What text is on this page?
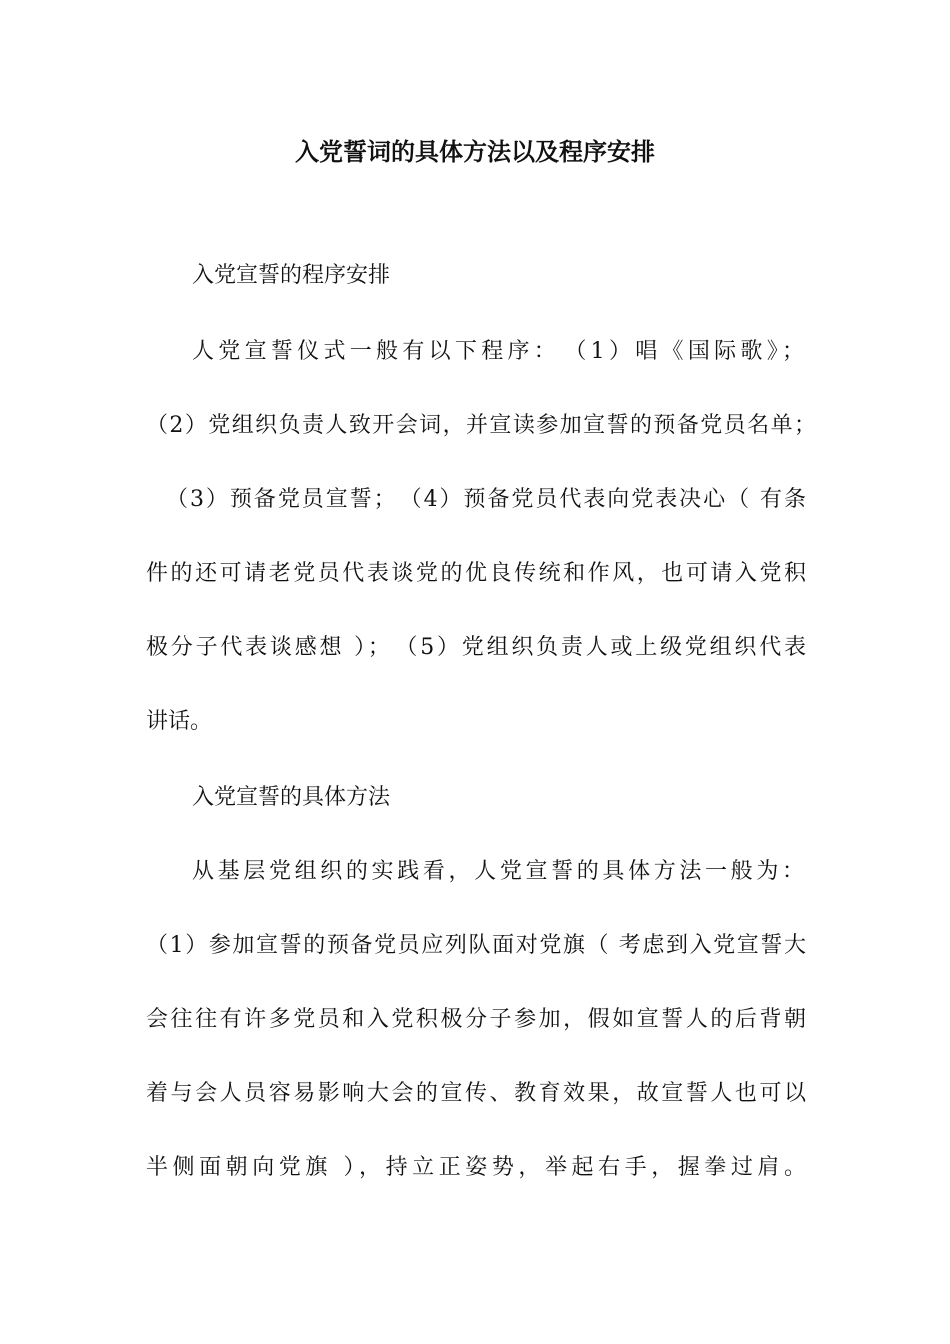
入党誓词的具体方法以及程序安排

入党宣誓的程序安排

人党宣誓仪式一般有以下程序：　（1）唱《国际歌》；

（2）党组织负责人致开会词，并宣读参加宣誓的预备党员名单；

（3）预备党员宣誓；　（4）预备党员代表向党表决心（ 有条

件的还可请老党员代表谈党的优良传统和作风，也可请入党积

极分子代表谈感想 ）；　（5）党组织负责人或上级党组织代表

讲话。

入党宣誓的具体方法

从基层党组织的实践看，人党宣誓的具体方法一般为：

（1）参加宣誓的预备党员应列队面对党旗（ 考虑到入党宣誓大

会往往有许多党员和入党积极分子参加，假如宣誓人的后背朝

着与会人员容易影响大会的宣传、教育效果，故宣誓人也可以

半侧面朝向党旗 ），持立正姿势，举起右手，握拳过肩。
